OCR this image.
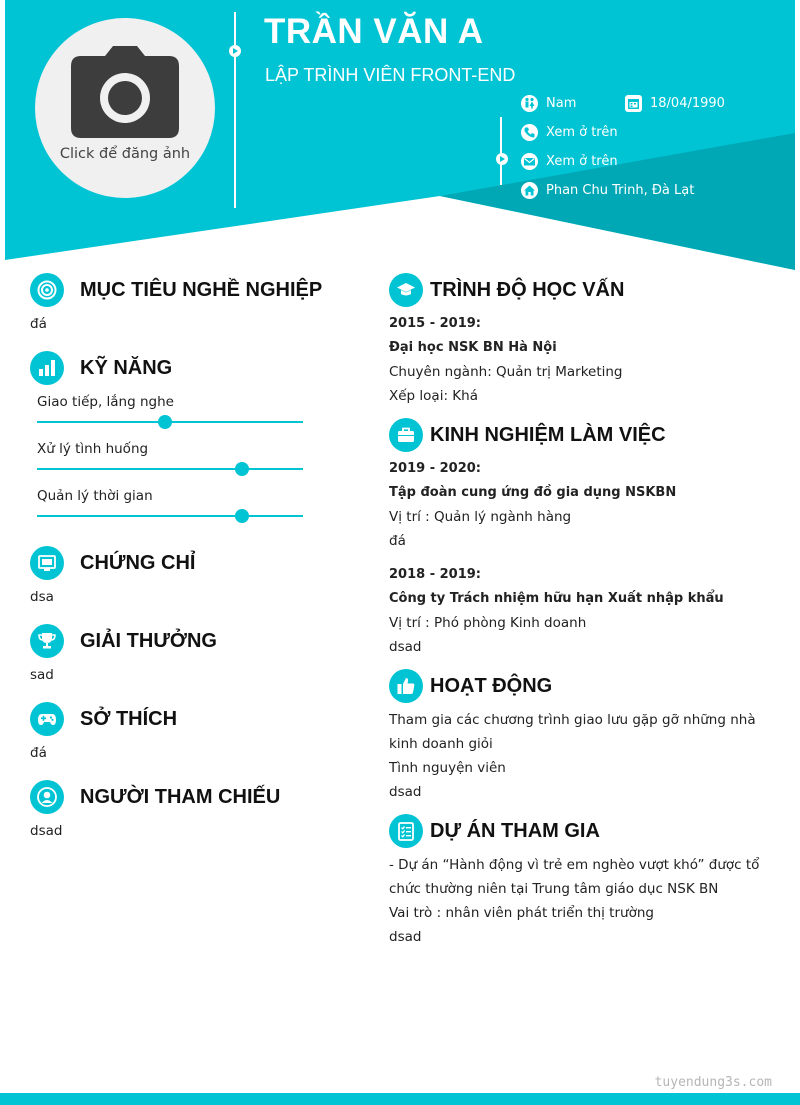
Click để đăng ảnh
TRẦN VĂN A
LẬP TRÌNH VIÊN FRONT-END
Nam	18/04/1990
Xem ở trên
Xem ở trên
Phan Chu Trinh, Đà Lạt
MỤC TIÊU NGHỀ NGHIỆP
đá
KỸ NĂNG
Giao tiếp, lắng nghe
Xử lý tình huống
Quản lý thời gian
CHỨNG CHỈ
dsa
GIẢI THƯỞNG
sad
SỞ THÍCH
đá
NGƯỜI THAM CHIẾU
dsad
TRÌNH ĐỘ HỌC VẤN
2015 - 2019:
Đại học NSK BN Hà Nội
Chuyên ngành: Quản trị Marketing
Xếp loại: Khá
KINH NGHIỆM LÀM VIỆC
2019 - 2020:
Tập đoàn cung ứng đồ gia dụng NSKBN
Vị trí : Quản lý ngành hàng
đá
2018 - 2019:
Công ty Trách nhiệm hữu hạn Xuất nhập khẩu
Vị trí : Phó phòng Kinh doanh
dsad
HOẠT ĐỘNG
Tham gia các chương trình giao lưu gặp gỡ những nhà kinh doanh giỏi
Tình nguyện viên
dsad
DỰ ÁN THAM GIA
- Dự án “Hành động vì trẻ em nghèo vượt khó” được tổ chức thường niên tại Trung tâm giáo dục NSK BN
Vai trò : nhân viên phát triển thị trường
dsad
tuyendung3s.com
